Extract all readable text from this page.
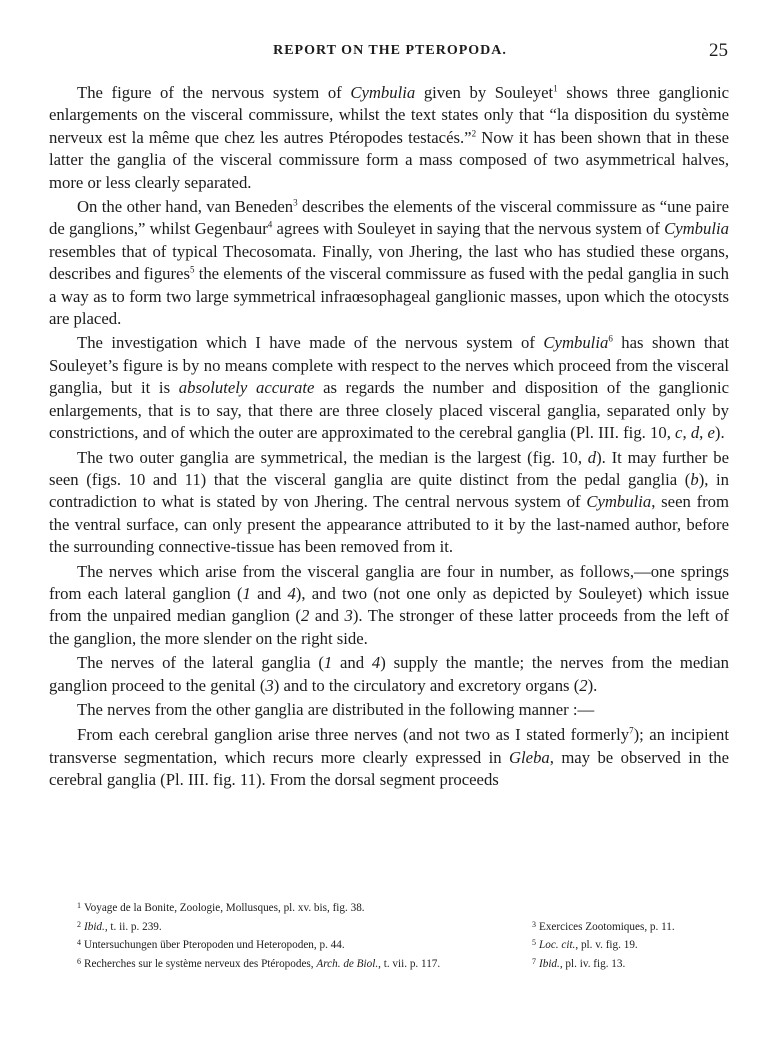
REPORT ON THE PTEROPODA.	25

The figure of the nervous system of Cymbulia given by Souleyet$^1$ shows three ganglionic enlargements on the visceral commissure, whilst the text states only that “la disposition du système nerveux est la même que chez les autres Ptéropodes testacés.”$^2$ Now it has been shown that in these latter the ganglia of the visceral commissure form a mass composed of two asymmetrical halves, more or less clearly separated.

On the other hand, van Beneden$^3$ describes the elements of the visceral commissure as “une paire de ganglions,” whilst Gegenbaur$^4$ agrees with Souleyet in saying that the nervous system of Cymbulia resembles that of typical Thecosomata. Finally, von Jhering, the last who has studied these organs, describes and figures$^5$ the elements of the visceral commissure as fused with the pedal ganglia in such a way as to form two large symmetrical infraœsophageal ganglionic masses, upon which the otocysts are placed.

The investigation which I have made of the nervous system of Cymbulia$^6$ has shown that Souleyet’s figure is by no means complete with respect to the nerves which proceed from the visceral ganglia, but it is absolutely accurate as regards the number and disposition of the ganglionic enlargements, that is to say, that there are three closely placed visceral ganglia, separated only by constrictions, and of which the outer are approximated to the cerebral ganglia (Pl. III. fig. 10, c, d, e).

The two outer ganglia are symmetrical, the median is the largest (fig. 10, d). It may further be seen (figs. 10 and 11) that the visceral ganglia are quite distinct from the pedal ganglia (b), in contradiction to what is stated by von Jhering. The central nervous system of Cymbulia, seen from the ventral surface, can only present the appearance attributed to it by the last-named author, before the surrounding connective-tissue has been removed from it.

The nerves which arise from the visceral ganglia are four in number, as follows,—one springs from each lateral ganglion (1 and 4), and two (not one only as depicted by Souleyet) which issue from the unpaired median ganglion (2 and 3). The stronger of these latter proceeds from the left of the ganglion, the more slender on the right side.

The nerves of the lateral ganglia (1 and 4) supply the mantle; the nerves from the median ganglion proceed to the genital (3) and to the circulatory and excretory organs (2).

The nerves from the other ganglia are distributed in the following manner :—

From each cerebral ganglion arise three nerves (and not two as I stated formerly$^7$); an incipient transverse segmentation, which recurs more clearly expressed in Gleba, may be observed in the cerebral ganglia (Pl. III. fig. 11). From the dorsal segment proceeds

$^1$ Voyage de la Bonite, Zoologie, Mollusques, pl. xv. bis, fig. 38.
$^2$ Ibid., t. ii. p. 239.	$^3$ Exercices Zootomiques, p. 11.
$^4$ Untersuchungen über Pteropoden und Heteropoden, p. 44.	$^5$ Loc. cit., pl. v. fig. 19.
$^6$ Recherches sur le système nerveux des Ptéropodes, Arch. de Biol., t. vii. p. 117.	$^7$ Ibid., pl. iv. fig. 13.
